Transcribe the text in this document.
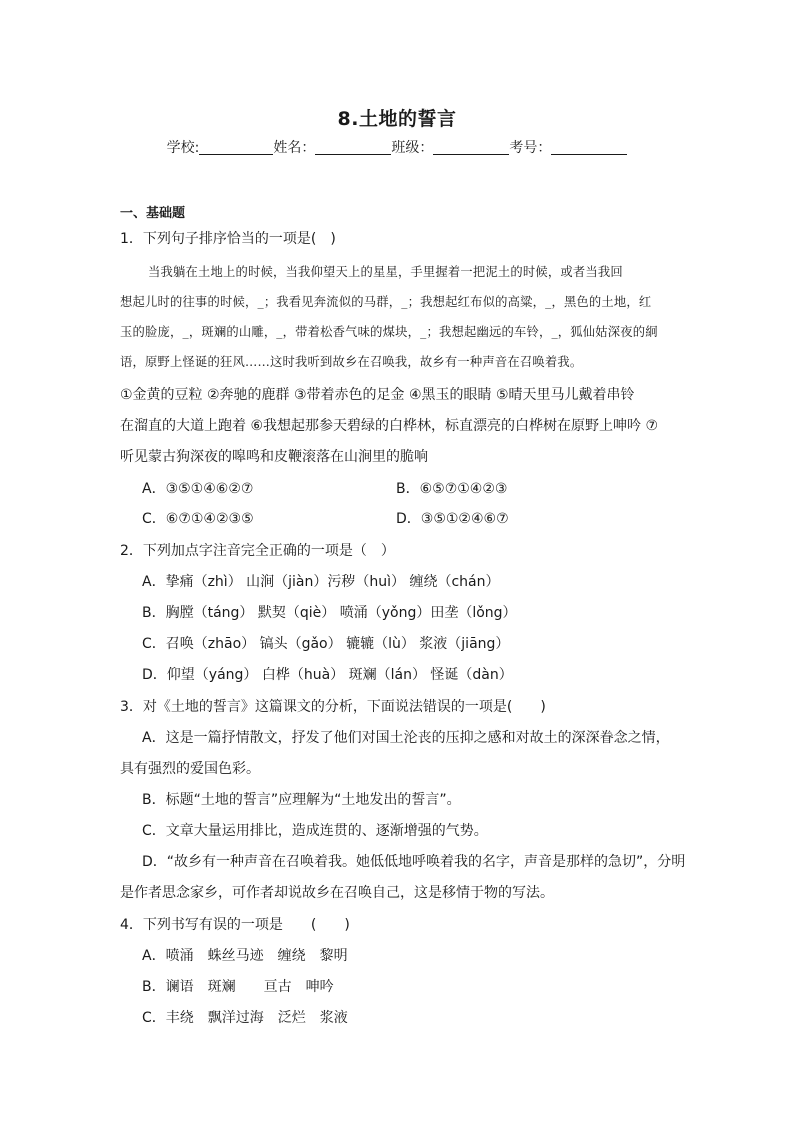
8.土地的誓言
学校:	姓名：	班级：	考号：
一、基础题
1．下列句子排序恰当的一项是(　)
当我躺在土地上的时候，当我仰望天上的星星，手里握着一把泥土的时候，或者当我回
想起儿时的往事的时候，_；我看见奔流似的马群，_；我想起红布似的高粱，_，黑色的土地，红
玉的脸庞，_，斑斓的山雕，_，带着松香气味的煤块，_；我想起幽远的车铃，_，狐仙姑深夜的絅
语，原野上怪诞的狂风……这时我听到故乡在召唤我，故乡有一种声音在召唤着我。
①金黄的豆粒 ②奔驰的鹿群 ③带着赤色的足金 ④黑玉的眼睛 ⑤晴天里马儿戴着串铃
在溜直的大道上跑着 ⑥我想起那参天碧绿的白桦林，标直漂亮的白桦树在原野上呻吟 ⑦
听见蒙古狗深夜的嗥鸣和皮鞭滚落在山涧里的脆响
A．③⑤①④⑥②⑦	B．⑥⑤⑦①④②③
C．⑥⑦①④②③⑤	D．③⑤①②④⑥⑦
2．下列加点字注音完全正确的一项是（　）
A．挚痛（zhì） 山涧（jiàn）污秽（huì） 缠绕（chán）
B．胸膛（táng） 默契（qiè） 喷涌（yǒng）田垄（lǒng）
C．召唤（zhāo） 镐头（gǎo） 辘辘（lù） 浆液（jiāng）
D．仰望（yáng） 白桦（huà） 斑斓（lán） 怪诞（dàn）
3．对《土地的誓言》这篇课文的分析，下面说法错误的一项是(　　)
A．这是一篇抒情散文，抒发了他们对国土沦丧的压抑之感和对故土的深深眷念之情，
具有强烈的爱国色彩。
B．标题“土地的誓言”应理解为“土地发出的誓言”。
C．文章大量运用排比，造成连贯的、逐渐增强的气势。
D．“故乡有一种声音在召唤着我。她低低地呼唤着我的名字，声音是那样的急切”，分明
是作者思念家乡，可作者却说故乡在召唤自己，这是移情于物的写法。
4．下列书写有误的一项是　　(　　)
A．喷涌　蛛丝马迹　缠绕　黎明
B．谰语　斑斓　　亘古　呻吟
C．丰绕　飘洋过海　泛烂　浆液
